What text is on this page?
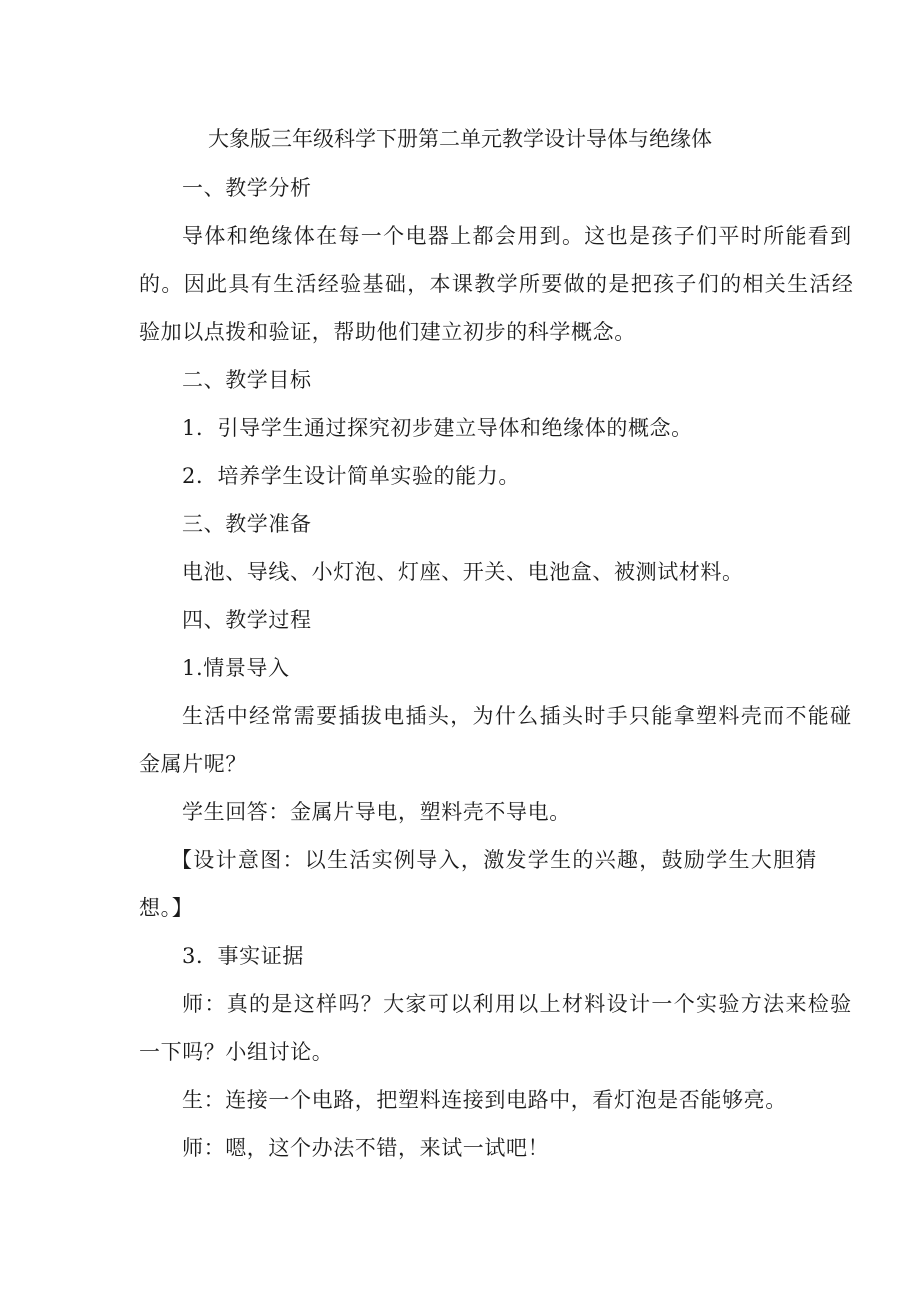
大象版三年级科学下册第二单元教学设计导体与绝缘体
一、教学分析
导体和绝缘体在每一个电器上都会用到。这也是孩子们平时所能看到
的。因此具有生活经验基础，本课教学所要做的是把孩子们的相关生活经
验加以点拨和验证，帮助他们建立初步的科学概念。
二、教学目标
1．引导学生通过探究初步建立导体和绝缘体的概念。
2．培养学生设计简单实验的能力。
三、教学准备
电池、导线、小灯泡、灯座、开关、电池盒、被测试材料。
四、教学过程
1.情景导入
生活中经常需要插拔电插头，为什么插头时手只能拿塑料壳而不能碰
金属片呢？
学生回答：金属片导电，塑料壳不导电。
【设计意图：以生活实例导入，激发学生的兴趣，鼓励学生大胆猜
想。】
3．事实证据
师：真的是这样吗？大家可以利用以上材料设计一个实验方法来检验
一下吗？小组讨论。
生：连接一个电路，把塑料连接到电路中，看灯泡是否能够亮。
师：嗯，这个办法不错，来试一试吧！
